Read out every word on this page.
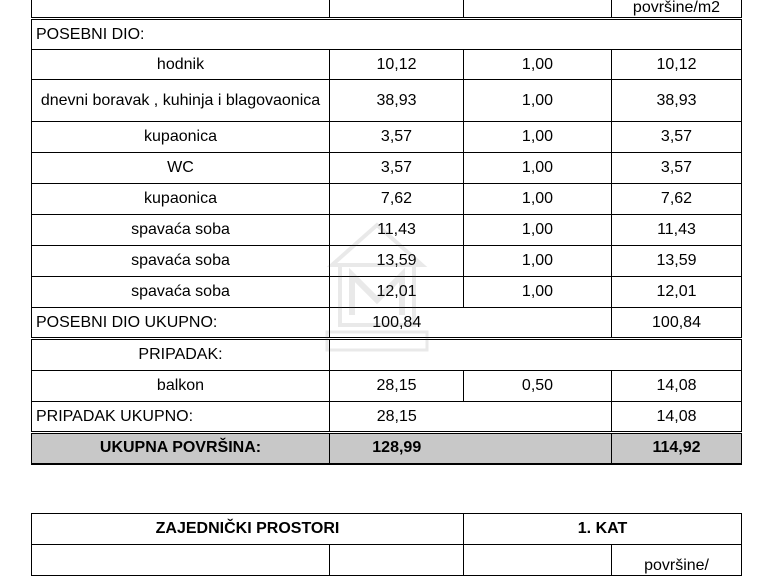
			površine/m2
POSEBNI DIO:			
hodnik	10,12	1,00	10,12
dnevni boravak , kuhinja i blagovaonica	38,93	1,00	38,93
kupaonica	3,57	1,00	3,57
WC	3,57	1,00	3,57
kupaonica	7,62	1,00	7,62
spavaća soba	11,43	1,00	11,43
spavaća soba	13,59	1,00	13,59
spavaća soba	12,01	1,00	12,01
POSEBNI DIO UKUPNO:	100,84		100,84
PRIPADAK:			
balkon	28,15	0,50	14,08
PRIPADAK UKUPNO:	28,15		14,08
UKUPNA POVRŠINA:	128,99		114,92
ZAJEDNIČKI PROSTORI		1. KAT	
			površine/
